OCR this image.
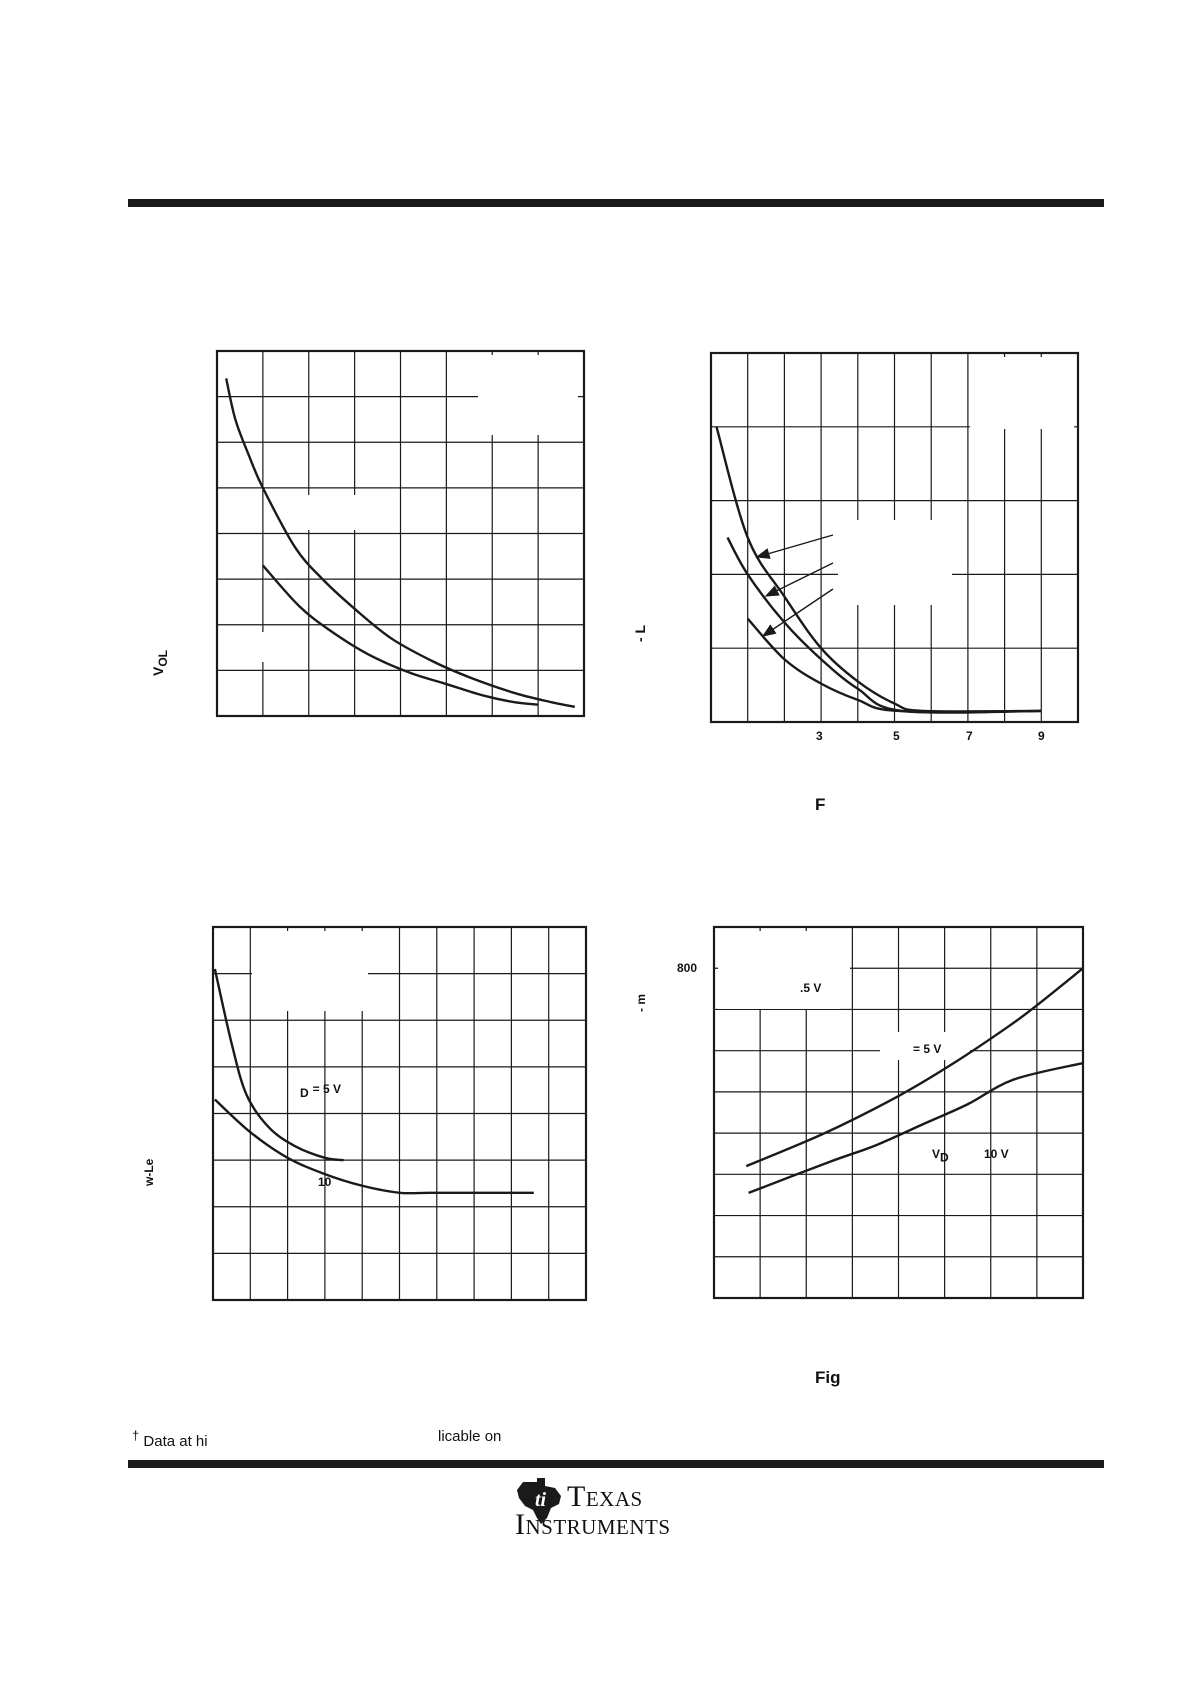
$V_{OL}$
- L
F
3	5	7	9
w-Le
D = 5 V
10
- m
800
.5 V
= 5 V
$V_D$	10 V
Fig
† Data at hi	licable on
ti Texas
Instruments
